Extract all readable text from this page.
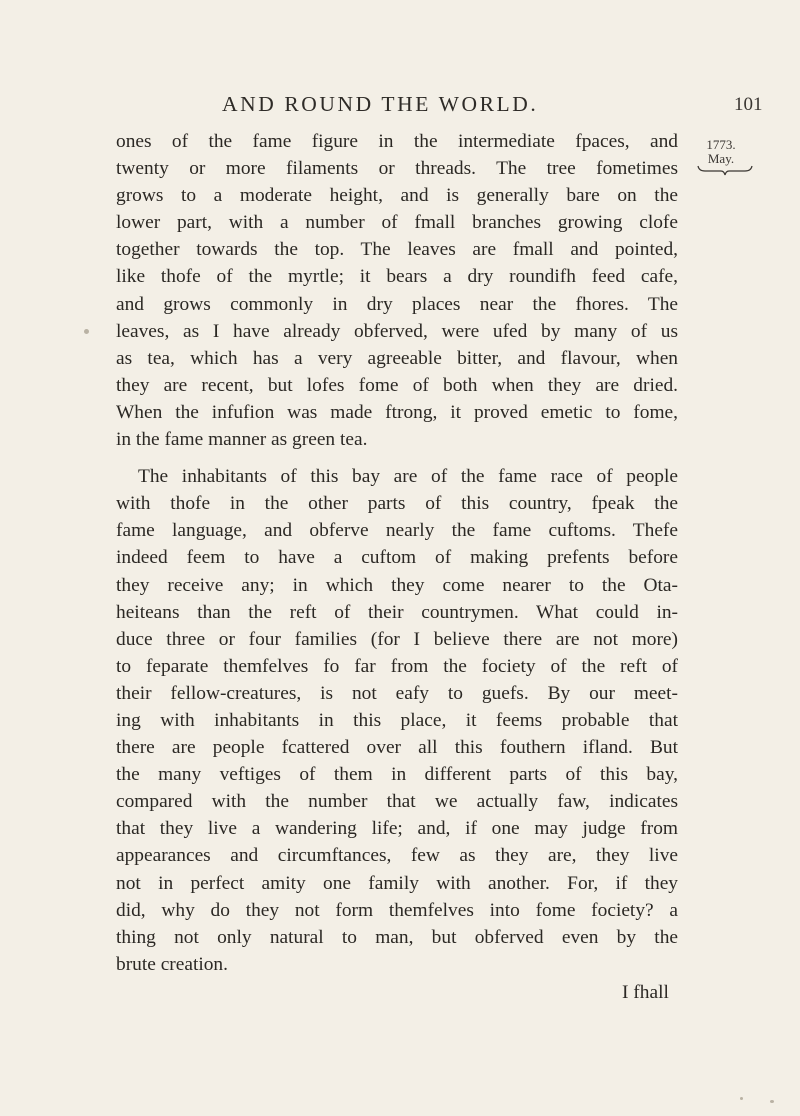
AND ROUND THE WORLD.	101
1773.
May.
ones of the fame figure in the intermediate fpaces, and
twenty or more filaments or threads. The tree fometimes
grows to a moderate height, and is generally bare on the
lower part, with a number of fmall branches growing clofe
together towards the top. The leaves are fmall and pointed,
like thofe of the myrtle; it bears a dry roundifh feed cafe,
and grows commonly in dry places near the fhores. The
leaves, as I have already obferved, were ufed by many of us
as tea, which has a very agreeable bitter, and flavour, when
they are recent, but lofes fome of both when they are dried.
When the infufion was made ftrong, it proved emetic to fome,
in the fame manner as green tea.
The inhabitants of this bay are of the fame race of people
with thofe in the other parts of this country, fpeak the
fame language, and obferve nearly the fame cuftoms. Thefe
indeed feem to have a cuftom of making prefents before
they receive any; in which they come nearer to the Ota-
heiteans than the reft of their countrymen. What could in-
duce three or four families (for I believe there are not more)
to feparate themfelves fo far from the fociety of the reft of
their fellow-creatures, is not eafy to guefs. By our meet-
ing with inhabitants in this place, it feems probable that
there are people fcattered over all this fouthern ifland. But
the many veftiges of them in different parts of this bay,
compared with the number that we actually faw, indicates
that they live a wandering life; and, if one may judge from
appearances and circumftances, few as they are, they live
not in perfect amity one family with another. For, if they
did, why do they not form themfelves into fome fociety? a
thing not only natural to man, but obferved even by the
brute creation.
I fhall
